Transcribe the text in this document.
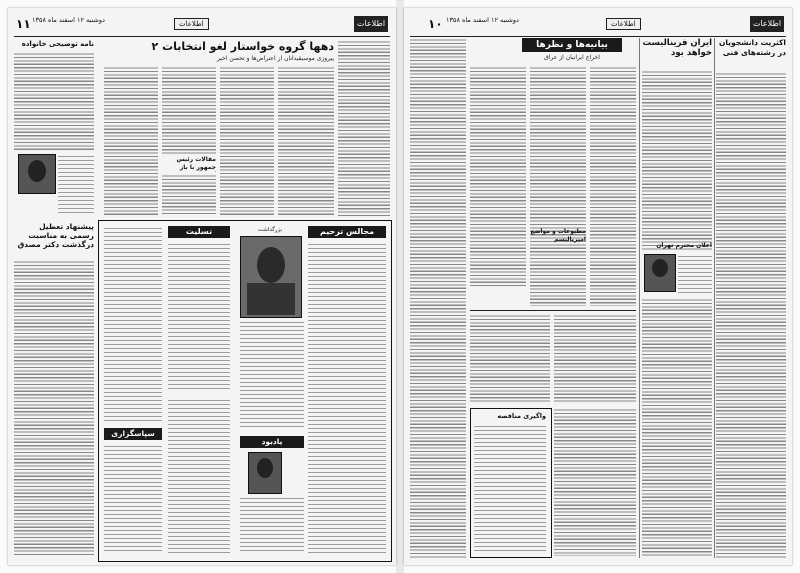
۱۱ دوشنبه ۱۲ اسفند ماه ۱۳۵۸	اطلاعات	اطلاعات
دهها گروه خواستار لغو انتخابات ۲
پیروزی موسیقیدانان از اعتراض‌ها و تحصن اخیر
نامه توضیحی خانواده
پیشنهاد تعطیل رسمی به مناسبت درگذشت دکتر مصدق
مقالات رئیس جمهور با باز
تسلیت	مجالس ترحیم
بزرگداشت
سپاسگزاری
یادبود
۱۰ دوشنبه ۱۲ اسفند ماه ۱۳۵۸	اطلاعات	اطلاعات
بیانیه‌ها و نظرها
اخراج ایرانیان از عراق
مطبوعات و مواضع امپریالیسم
واگیری مناقصه
ایران فرینالیست خواهد بود
اعلان محترم تهران
اکثریت دانشجویان در رشته‌های فنی
